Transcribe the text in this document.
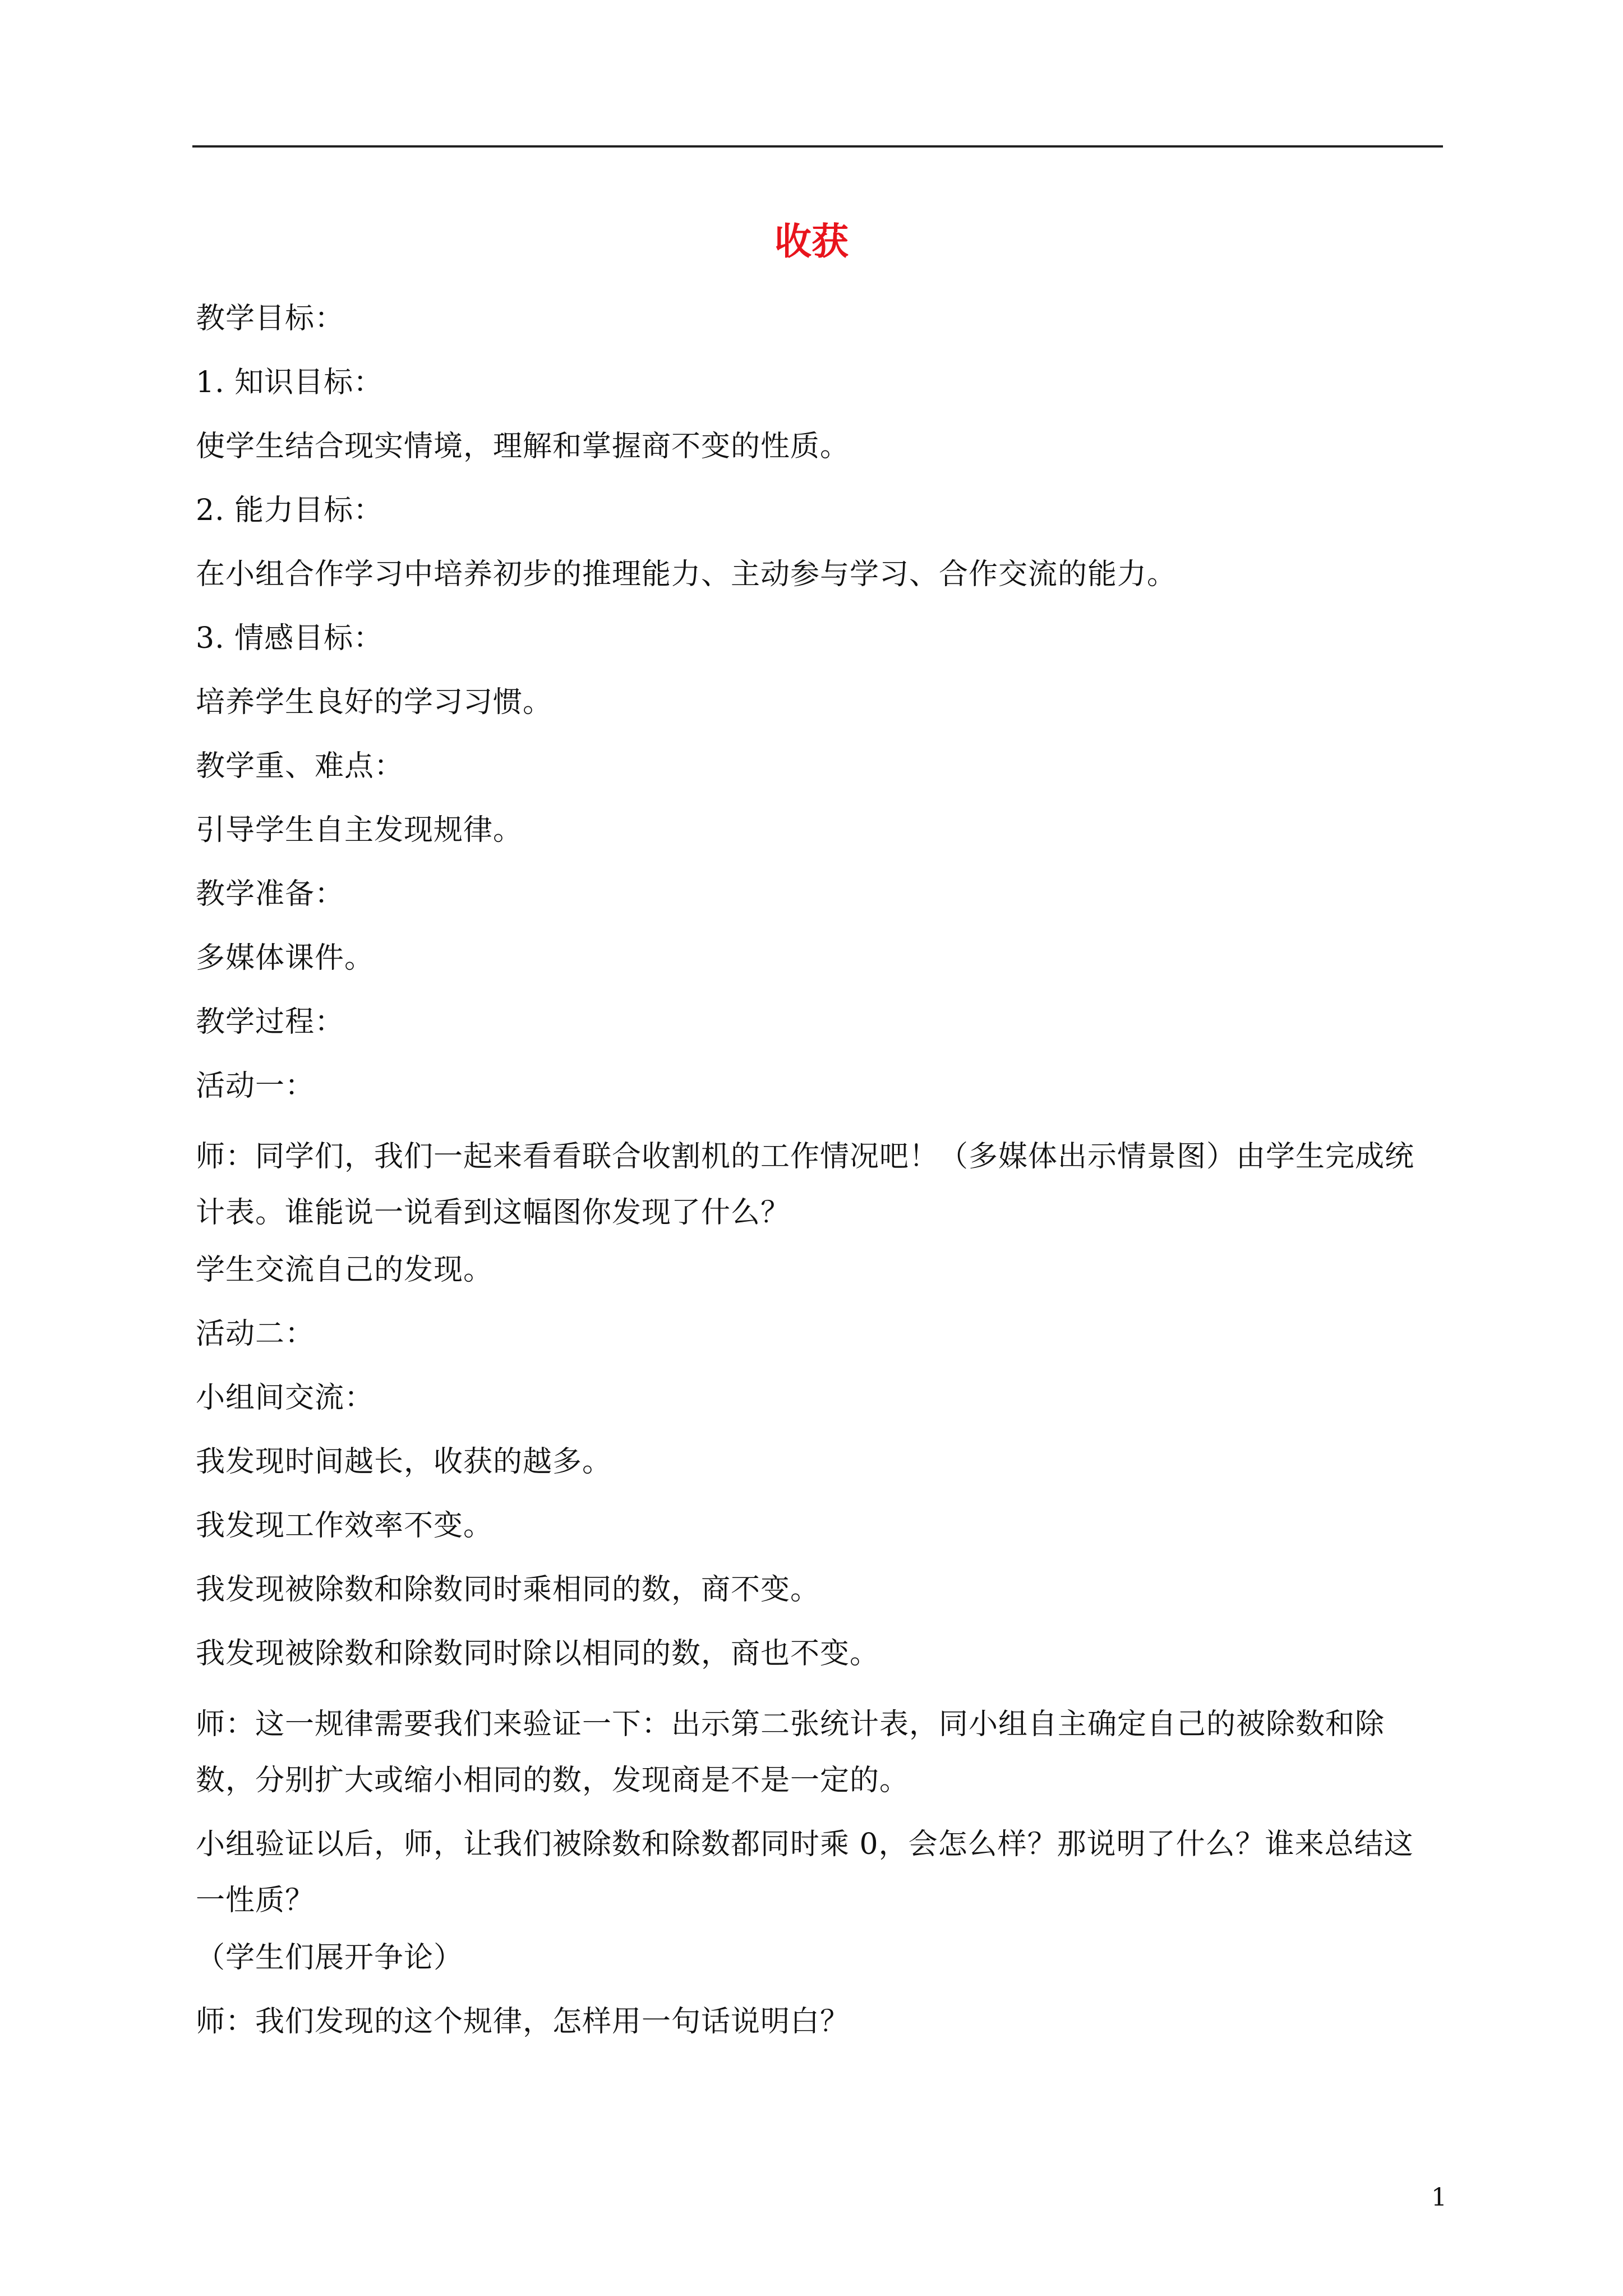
收获

教学目标：

1. 知识目标：

使学生结合现实情境，理解和掌握商不变的性质。

2. 能力目标：

在小组合作学习中培养初步的推理能力、主动参与学习、合作交流的能力。

3. 情感目标：

培养学生良好的学习习惯。

教学重、难点：

引导学生自主发现规律。

教学准备：

多媒体课件。

教学过程：

活动一：

师：同学们，我们一起来看看联合收割机的工作情况吧！（多媒体出示情景图）由学生完成统计表。谁能说一说看到这幅图你发现了什么？

学生交流自己的发现。

活动二：

小组间交流：

我发现时间越长，收获的越多。

我发现工作效率不变。

我发现被除数和除数同时乘相同的数，商不变。

我发现被除数和除数同时除以相同的数，商也不变。

师：这一规律需要我们来验证一下：出示第二张统计表，同小组自主确定自己的被除数和除数，分别扩大或缩小相同的数，发现商是不是一定的。

小组验证以后，师，让我们被除数和除数都同时乘 0，会怎么样？那说明了什么？谁来总结这一性质？

（学生们展开争论）

师：我们发现的这个规律，怎样用一句话说明白？

1
